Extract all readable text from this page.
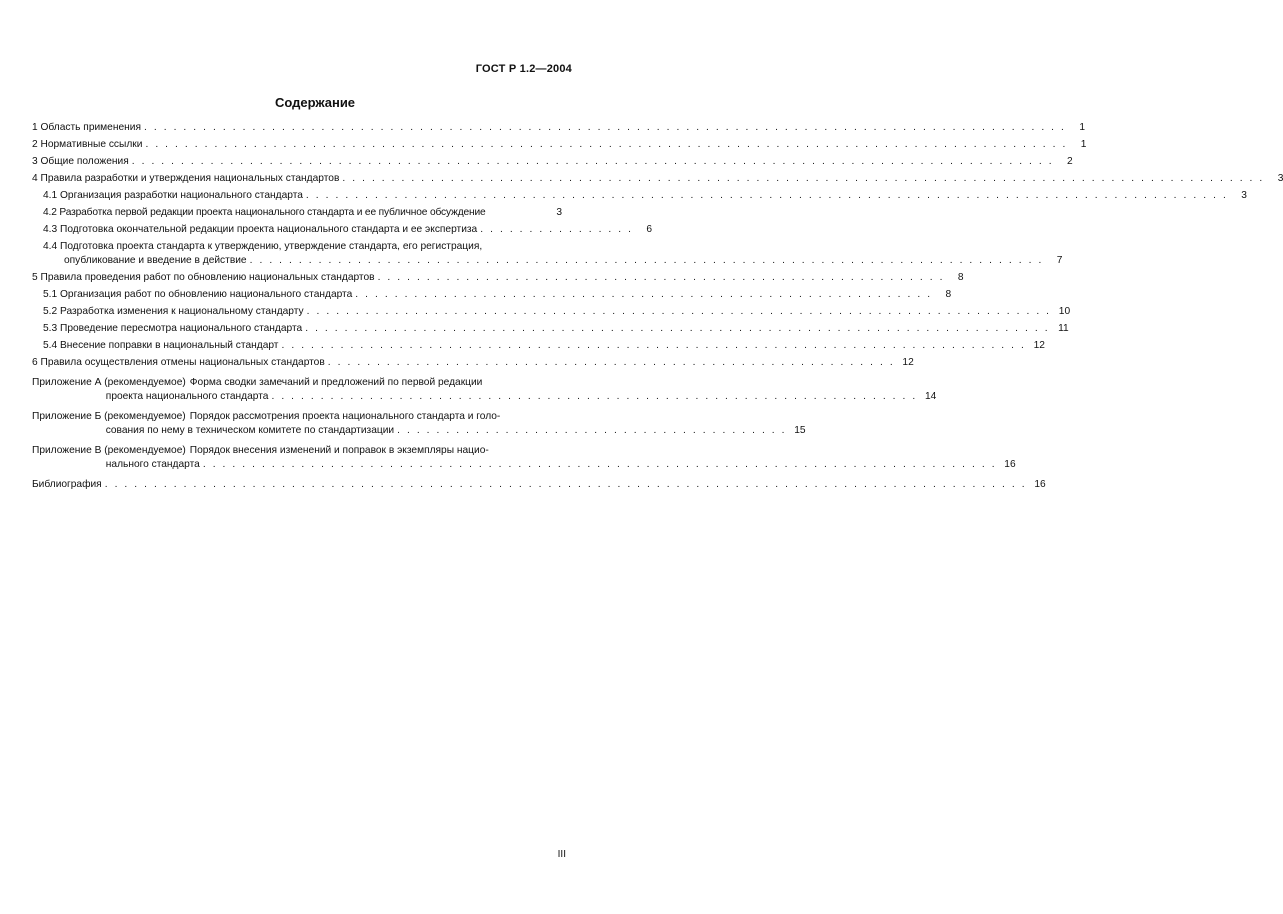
ГОСТ Р 1.2—2004
Содержание
1 Область применения . . . . . . . . . . . . . . . . . . . . . . . . . . . . . . . . . . . . . . . . . . . . . . . . . . . . . . . . . . . . . . . . . . . . . . . . . . . . . . . . . . . . . . . . . . . . . .	1
2 Нормативные ссылки . . . . . . . . . . . . . . . . . . . . . . . . . . . . . . . . . . . . . . . . . . . . . . . . . . . . . . . . . . . . . . . . . . . . . . . . . . . . . . . . . . . . . . . . . . . . . .	1
3 Общие положения . . . . . . . . . . . . . . . . . . . . . . . . . . . . . . . . . . . . . . . . . . . . . . . . . . . . . . . . . . . . . . . . . . . . . . . . . . . . . . . . . . . . . . . . . . . . . .	2
4 Правила разработки и утверждения национальных стандартов . . . . . . . . . . . . . . . . . . . . . . . . . . . . . . . . . . . . . . . . . . . . . . . . . . . . . . . . . . . . . . . . . . . . . . . . . . . . . . . . . . . . . . . . . . . . . .	3
4.1 Организация разработки национального стандарта . . . . . . . . . . . . . . . . . . . . . . . . . . . . . . . . . . . . . . . . . . . . . . . . . . . . . . . . . . . . . . . . . . . . . . . . . . . . . . . . . . . . . . . . . . . . . .	3
4.2 Разработка первой редакции проекта национального стандарта и ее публичное обсуждение	3
4.3 Подготовка окончательной редакции проекта национального стандарта и ее экспертиза . . . . . . . . . . . . . . . .	6
4.4 Подготовка проекта стандарта к утверждению, утверждение стандарта, его регистрация,
опубликование и введение в действие . . . . . . . . . . . . . . . . . . . . . . . . . . . . . . . . . . . . . . . . . . . . . . . . . . . . . . . . . . . . . . . . . . . . . . . . . . . . . . . . .	7
5 Правила проведения работ по обновлению национальных стандартов . . . . . . . . . . . . . . . . . . . . . . . . . . . . . . . . . . . . . . . . . . . . . . . . . . . . . . . . . .	8
5.1 Организация работ по обновлению национального стандарта . . . . . . . . . . . . . . . . . . . . . . . . . . . . . . . . . . . . . . . . . . . . . . . . . . . . . . . . . . .	8
5.2 Разработка изменения к национальному стандарту . . . . . . . . . . . . . . . . . . . . . . . . . . . . . . . . . . . . . . . . . . . . . . . . . . . . . . . . . . . . . . . . . . . . . . . . . . . . 10
5.3 Проведение пересмотра национального стандарта . . . . . . . . . . . . . . . . . . . . . . . . . . . . . . . . . . . . . . . . . . . . . . . . . . . . . . . . . . . . . . . . . . . . . . . . . . . . 11
5.4 Внесение поправки в национальный стандарт . . . . . . . . . . . . . . . . . . . . . . . . . . . . . . . . . . . . . . . . . . . . . . . . . . . . . . . . . . . . . . . . . . . . . . . . . . . . 12
6 Правила осуществления отмены национальных стандартов . . . . . . . . . . . . . . . . . . . . . . . . . . . . . . . . . . . . . . . . . . . . . . . . . . . . . . . . . . 12
Приложение А (рекомендуемое) Форма сводки замечаний и предложений по первой редакции
проекта национального стандарта . . . . . . . . . . . . . . . . . . . . . . . . . . . . . . . . . . . . . . . . . . . . . . . . . . . . . . . . . . . . . . . . . . 14
Приложение Б (рекомендуемое) Порядок рассмотрения проекта национального стандарта и голо-
сования по нему в техническом комитете по стандартизации . . . . . . . . . . . . . . . . . . . . . . . . . . . . . . . . . . . . . . . . 15
Приложение В (рекомендуемое) Порядок внесения изменений и поправок в экземпляры нацио-
нального стандарта . . . . . . . . . . . . . . . . . . . . . . . . . . . . . . . . . . . . . . . . . . . . . . . . . . . . . . . . . . . . . . . . . . . . . . . . . . . . . . . . . 16
Библиография . . . . . . . . . . . . . . . . . . . . . . . . . . . . . . . . . . . . . . . . . . . . . . . . . . . . . . . . . . . . . . . . . . . . . . . . . . . . . . . . . . . . . . . . . . . . . . 16
III
